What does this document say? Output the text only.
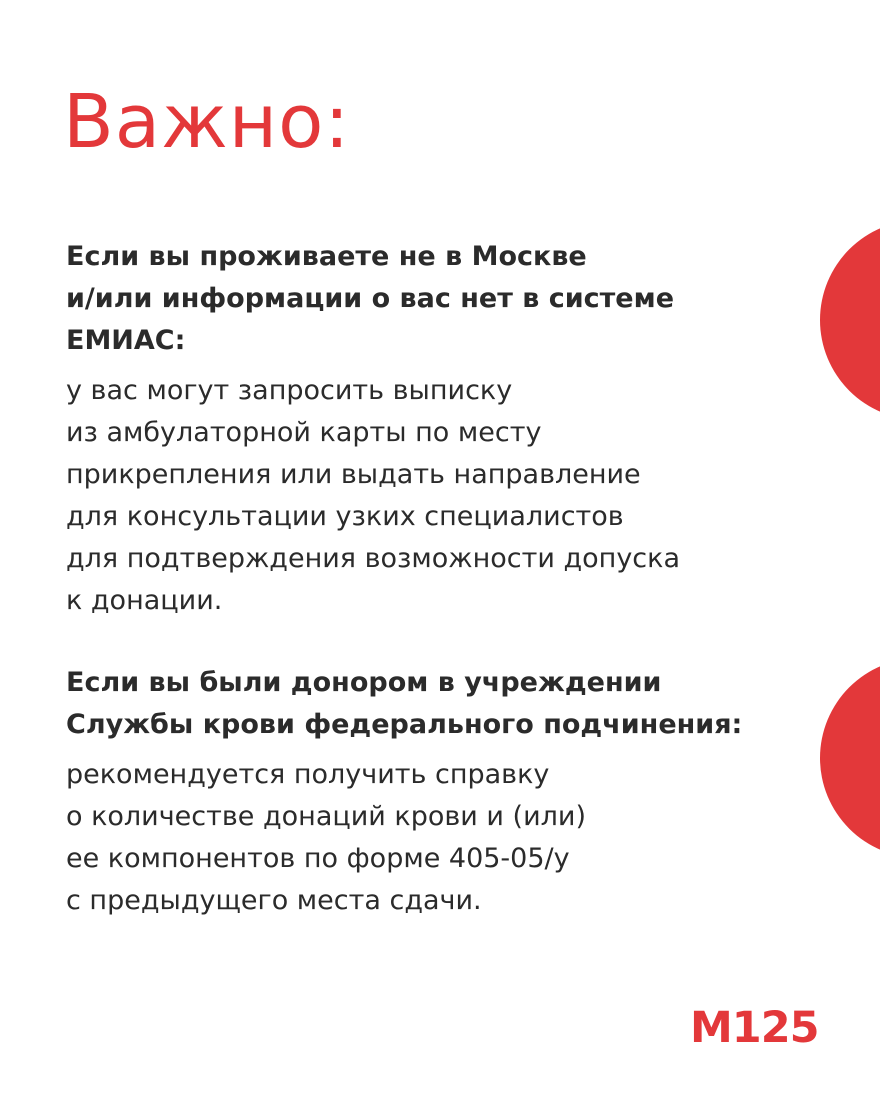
Важно:

Если вы проживаете не в Москве
и/или информации о вас нет в системе
ЕМИАС:

у вас могут запросить выписку
из амбулаторной карты по месту
прикрепления или выдать направление
для консультации узких специалистов
для подтверждения возможности допуска
к донации.

Если вы были донором в учреждении
Службы крови федерального подчинения:

рекомендуется получить справку
о количестве донаций крови и (или)
ее компонентов по форме 405-05/у
с предыдущего места сдачи.

М125
